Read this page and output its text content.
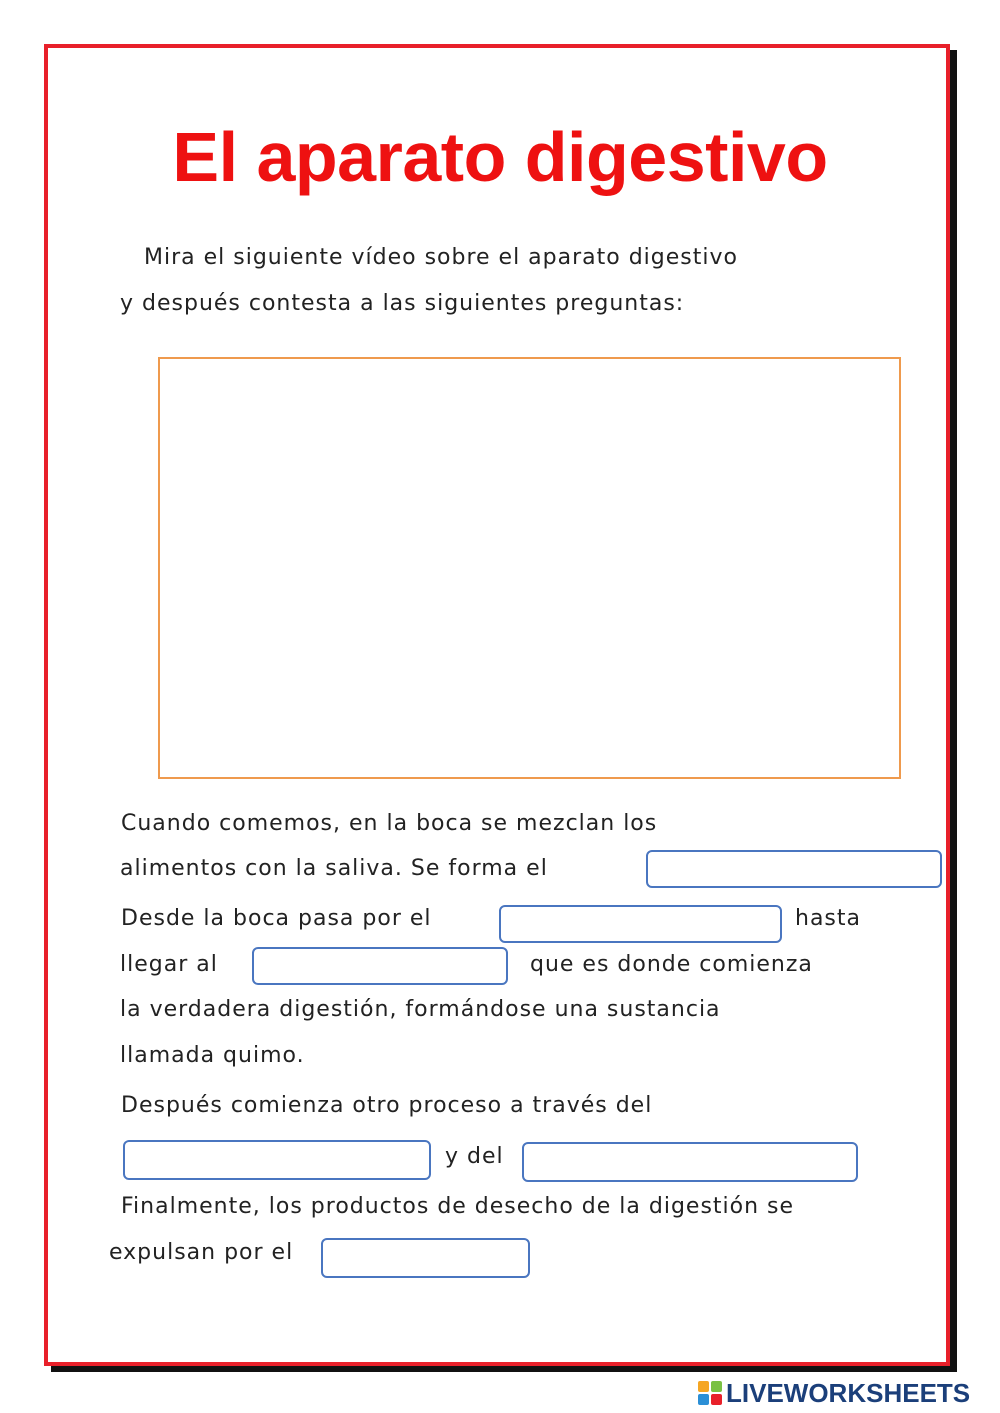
El aparato digestivo
Mira el siguiente vídeo sobre el aparato digestivo
y después contesta a las siguientes preguntas:
Cuando comemos, en la boca se mezclan los
alimentos con la saliva. Se forma el
Desde la boca pasa por el	hasta
llegar al	que es donde comienza
la verdadera digestión, formándose una sustancia
llamada quimo.
Después comienza otro proceso a través del
y del
Finalmente, los productos de desecho de la digestión se
expulsan por el
LIVEWORKSHEETS
